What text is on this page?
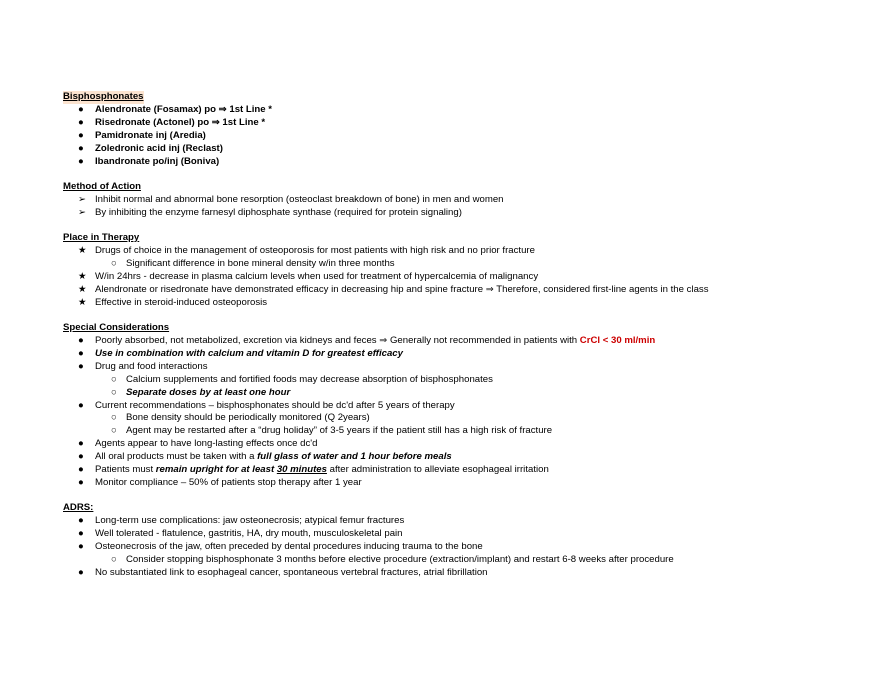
Bisphosphonates
●	Alendronate (Fosamax) po ⇒ 1st Line *
●	Risedronate (Actonel) po ⇒ 1st Line *
●	Pamidronate inj (Aredia)
●	Zoledronic acid inj (Reclast)
●	Ibandronate po/inj (Boniva)
Method of Action
➢ Inhibit normal and abnormal bone resorption (osteoclast breakdown of bone) in men and women
➢ By inhibiting the enzyme farnesyl diphosphate synthase (required for protein signaling)
Place in Therapy
★ Drugs of choice in the management of osteoporosis for most patients with high risk and no prior fracture
○ Significant difference in bone mineral density w/in three months
★ W/in 24hrs - decrease in plasma calcium levels when used for treatment of hypercalcemia of malignancy
★ Alendronate or risedronate have demonstrated efficacy in decreasing hip and spine fracture ⇒ Therefore, considered first-line agents in the class
★ Effective in steroid-induced osteoporosis
Special Considerations
●	Poorly absorbed, not metabolized, excretion via kidneys and feces ⇒ Generally not recommended in patients with CrCl < 30 ml/min
●	Use in combination with calcium and vitamin D for greatest efficacy
●	Drug and food interactions
○ Calcium supplements and fortified foods may decrease absorption of bisphosphonates
○ Separate doses by at least one hour
●	Current recommendations – bisphosphonates should be dc'd after 5 years of therapy
○ Bone density should be periodically monitored (Q 2years)
○ Agent may be restarted after a “drug holiday” of 3-5 years if the patient still has a high risk of fracture
●	Agents appear to have long-lasting effects once dc'd
●	All oral products must be taken with a full glass of water and 1 hour before meals
●	Patients must remain upright for at least 30 minutes after administration to alleviate esophageal irritation
●	Monitor compliance – 50% of patients stop therapy after 1 year
ADRS:
●	Long-term use complications: jaw osteonecrosis; atypical femur fractures
●	Well tolerated - flatulence, gastritis, HA, dry mouth, musculoskeletal pain
●	Osteonecrosis of the jaw, often preceded by dental procedures inducing trauma to the bone
○ Consider stopping bisphosphonate 3 months before elective procedure (extraction/implant) and restart 6-8 weeks after procedure
●	No substantiated link to esophageal cancer, spontaneous vertebral fractures, atrial fibrillation
